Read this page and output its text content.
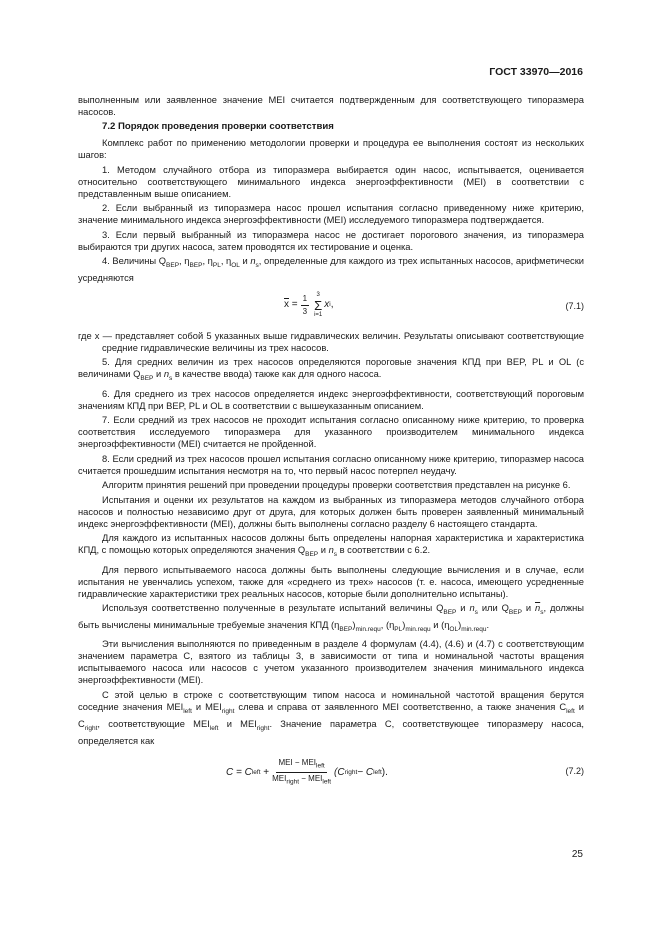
ГОСТ 33970—2016

выполненным или заявленное значение MEI считается подтвержденным для соответствующего типоразмера насосов.

7.2 Порядок проведения проверки соответствия

Комплекс работ по применению методологии проверки и процедура ее выполнения состоят из нескольких шагов:

1. Методом случайного отбора из типоразмера выбирается один насос, испытывается, оценивается относительно соответствующего минимального индекса энергоэффективности (MEI) в соответствии с представленным выше описанием.

2. Если выбранный из типоразмера насос прошел испытания согласно приведенному ниже критерию, значение минимального индекса энергоэффективности (MEI) исследуемого типоразмера подтверждается.

3. Если первый выбранный из типоразмера насос не достигает порогового значения, из типоразмера выбираются три других насоса, затем проводятся их тестирование и оценка.

4. Величины $Q_{BEP}$, $\eta_{BEP}$, $\eta_{PL}$, $\eta_{OL}$ и $n_s$, определенные для каждого из трех испытанных насосов, арифметически усредняются

$\overline{x}$
= $\frac{1}{3} 3$
Σ
i=1
x i ,	(7.1)

где x — представляет собой 5 указанных выше гидравлических величин. Результаты описывают соответствующие средние гидравлические величины из трех насосов.

5. Для средних величин из трех насосов определяются пороговые значения КПД при BEP, PL и OL (с величинами $Q_{BEP}$ и $n_s$ в качестве ввода) также как для одного насоса.

6. Для среднего из трех насосов определяется индекс энергоэффективности, соответствующий пороговым значениям КПД при BEP, PL и OL в соответствии с вышеуказанным описанием.

7. Если средний из трех насосов не проходит испытания согласно описанному ниже критерию, то проверка соответствия исследуемого типоразмера для указанного производителем минимального индекса энергоэффективности (MEI) считается не пройденной.

8. Если средний из трех насосов прошел испытания согласно описанному ниже критерию, типоразмер насоса считается прошедшим испытания несмотря на то, что первый насос потерпел неудачу.

Алгоритм принятия решений при проведении процедуры проверки соответствия представлен на рисунке 6.

Испытания и оценки их результатов на каждом из выбранных из типоразмера методов случайного отбора насосов и полностью независимо друг от друга, для которых должен быть проверен заявленный минимальный индекс энергоэффективности (MEI), должны быть выполнены согласно разделу 6 настоящего стандарта.

Для каждого из испытанных насосов должны быть определены напорная характеристика и характеристика КПД, с помощью которых определяются значения $Q_{BEP}$ и $n_s$ в соответствии с 6.2.

Для первого испытываемого насоса должны быть выполнены следующие вычисления и в случае, если испытания не увенчались успехом, также для «среднего из трех» насосов (т. е. насоса, имеющего усредненные гидравлические характеристики трех реальных насосов, которые были дополнительно испытаны).

Используя соответственно полученные в результате испытаний величины $Q_{BEP}$ и $n_s$ или $Q_{BEP}$ и $\overline{n}_s$, должны быть вычислены минимальные требуемые значения КПД $(\eta_{BEP})_{min.requ}$, $(\eta_{PL})_{min.requ}$ и $(\eta_{OL})_{min.requ}$.

Эти вычисления выполняются по приведенным в разделе 4 формулам (4.4), (4.6) и (4.7) с соответствующим значением параметра C, взятого из таблицы 3, в зависимости от типа и номинальной частоты вращения испытываемого насоса или насосов с учетом указанного производителем значения минимального индекса энергоэффективности (MEI).

С этой целью в строке с соответствующим типом насоса и номинальной частотой вращения берутся соседние значения $MEI_{left}$ и $MEI_{right}$ слева и справа от заявленного MEI соответственно, а также значения $C_{left}$ и $C_{right}$, соответствующие $MEI_{left}$ и $MEI_{right}$. Значение параметра C, соответствующее типоразмеру насоса, определяется как

C = C left
+ $\frac{MEI - MEI_{left}}{MEI_{right} - MEI_{left}} (C$ right − C left ).	(7.2)
25
